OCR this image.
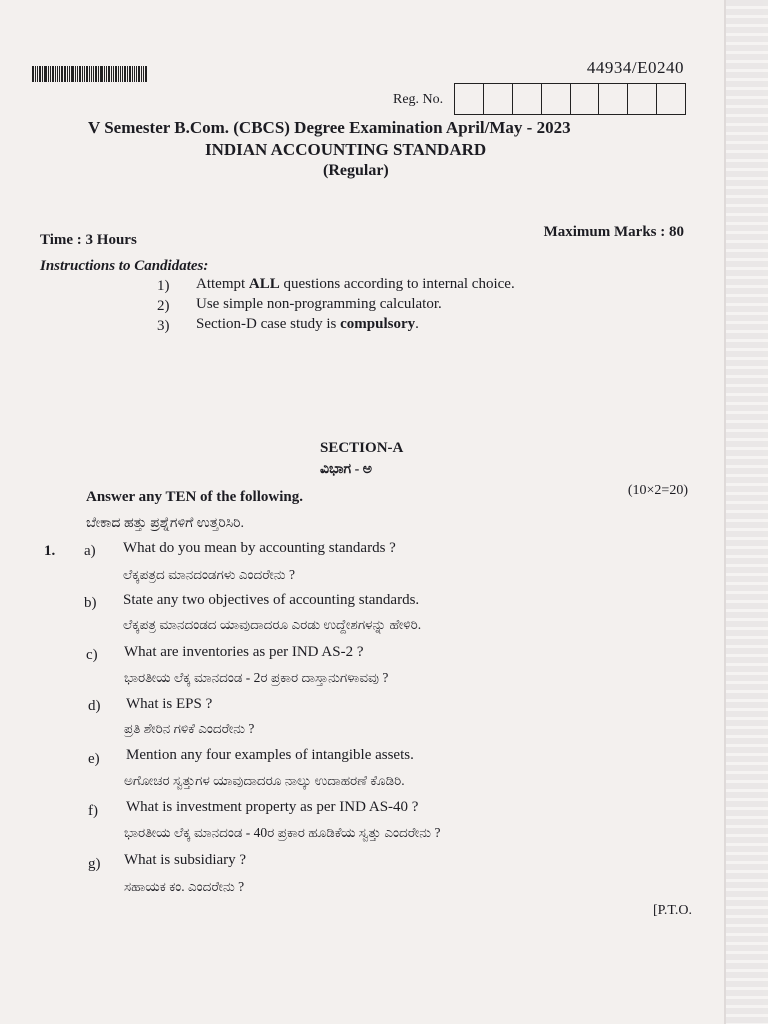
44934/E0240
Reg. No.
V Semester B.Com. (CBCS) Degree Examination April/May - 2023
INDIAN ACCOUNTING STANDARD
(Regular)
Time : 3 Hours	Maximum Marks : 80
Instructions to Candidates:
1) Attempt ALL questions according to internal choice.
2) Use simple non-programming calculator.
3) Section-D case study is compulsory.
SECTION-A
ವಿಭಾಗ - ಅ
Answer any TEN of the following.	(10×2=20)
ಬೇಕಾದ ಹತ್ತು ಪ್ರಶ್ನೆಗಳಿಗೆ ಉತ್ತರಿಸಿರಿ.
1. a) What do you mean by accounting standards ?
ಲೆಕ್ಕಪತ್ರದ ಮಾನದಂಡಗಳು ಎಂದರೇನು ?
b) State any two objectives of accounting standards.
ಲೆಕ್ಕಪತ್ರ ಮಾನದಂಡದ ಯಾವುದಾದರೂ ಎರಡು ಉದ್ದೇಶಗಳನ್ನು ಹೇಳಿರಿ.
c) What are inventories as per IND AS-2 ?
ಭಾರತೀಯ ಲೆಕ್ಕ ಮಾನದಂಡ - 2ರ ಪ್ರಕಾರ ದಾಸ್ತಾನುಗಳಾವವು ?
d) What is EPS ?
ಪ್ರತಿ ಶೇರಿನ ಗಳಿಕೆ ಎಂದರೇನು ?
e) Mention any four examples of intangible assets.
ಅಗೋಚರ ಸ್ವತ್ತುಗಳ ಯಾವುದಾದರೂ ನಾಲ್ಕು ಉದಾಹರಣೆ ಕೊಡಿರಿ.
f) What is investment property as per IND AS-40 ?
ಭಾರತೀಯ ಲೆಕ್ಕ ಮಾನದಂಡ - 40ರ ಪ್ರಕಾರ ಹೂಡಿಕೆಯ ಸ್ವತ್ತು ಎಂದರೇನು ?
g) What is subsidiary ?
ಸಹಾಯಕ ಕಂ. ಎಂದರೇನು ?
[P.T.O.
